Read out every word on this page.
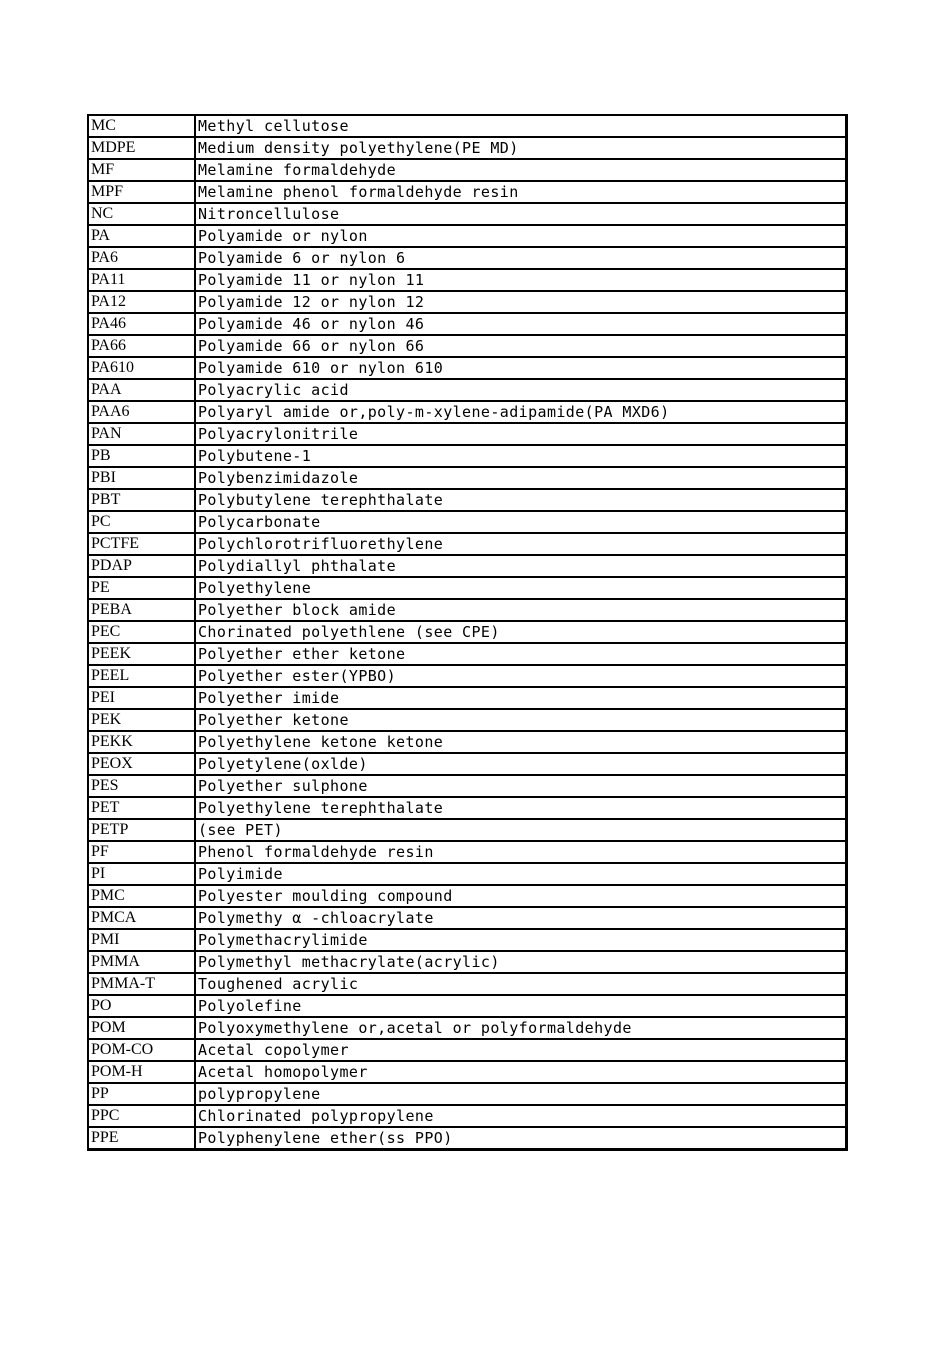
MC	Methyl cellutose
MDPE	Medium density polyethylene(PE MD)
MF	Melamine formaldehyde
MPF	Melamine phenol formaldehyde resin
NC	Nitroncellulose
PA	Polyamide or nylon
PA6	Polyamide 6 or nylon 6
PA11	Polyamide 11 or nylon 11
PA12	Polyamide 12 or nylon 12
PA46	Polyamide 46 or nylon 46
PA66	Polyamide 66 or nylon 66
PA610	Polyamide 610 or nylon 610
PAA	Polyacrylic acid
PAA6	Polyaryl amide or,poly-m-xylene-adipamide(PA MXD6)
PAN	Polyacrylonitrile
PB	Polybutene-1
PBI	Polybenzimidazole
PBT	Polybutylene terephthalate
PC	Polycarbonate
PCTFE	Polychlorotrifluorethylene
PDAP	Polydiallyl phthalate
PE	Polyethylene
PEBA	Polyether block amide
PEC	Chorinated polyethlene (see CPE)
PEEK	Polyether ether ketone
PEEL	Polyether ester(YPBO)
PEI	Polyether imide
PEK	Polyether ketone
PEKK	Polyethylene ketone ketone
PEOX	Polyetylene(oxlde)
PES	Polyether sulphone
PET	Polyethylene terephthalate
PETP	(see PET)
PF	Phenol formaldehyde resin
PI	Polyimide
PMC	Polyester moulding compound
PMCA	Polymethy α -chloacrylate
PMI	Polymethacrylimide
PMMA	Polymethyl methacrylate(acrylic)
PMMA-T	Toughened acrylic
PO	Polyolefine
POM	Polyoxymethylene or,acetal or polyformaldehyde
POM-CO	Acetal copolymer
POM-H	Acetal homopolymer
PP	polypropylene
PPC	Chlorinated polypropylene
PPE	Polyphenylene ether(ss PPO)
